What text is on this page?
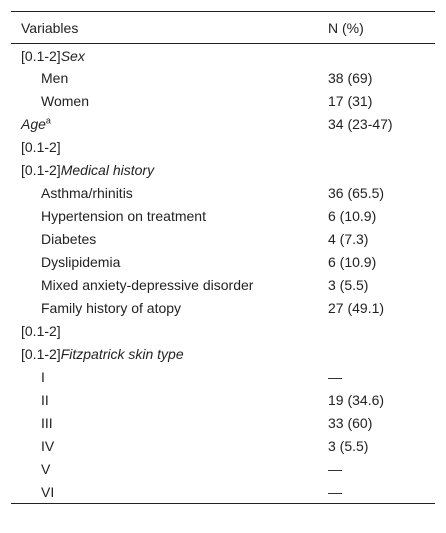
Variables	N (%)
[0.1-2]Sex	
Men	38 (69)
Women	17 (31)
Age$^a$	34 (23-47)
[0.1-2]	
[0.1-2]Medical history	
Asthma/rhinitis	36 (65.5)
Hypertension on treatment	6 (10.9)
Diabetes	4 (7.3)
Dyslipidemia	6 (10.9)
Mixed anxiety-depressive disorder	3 (5.5)
Family history of atopy	27 (49.1)
[0.1-2]	
[0.1-2]Fitzpatrick skin type	
I	—
II	19 (34.6)
III	33 (60)
IV	3 (5.5)
V	—
VI	—
